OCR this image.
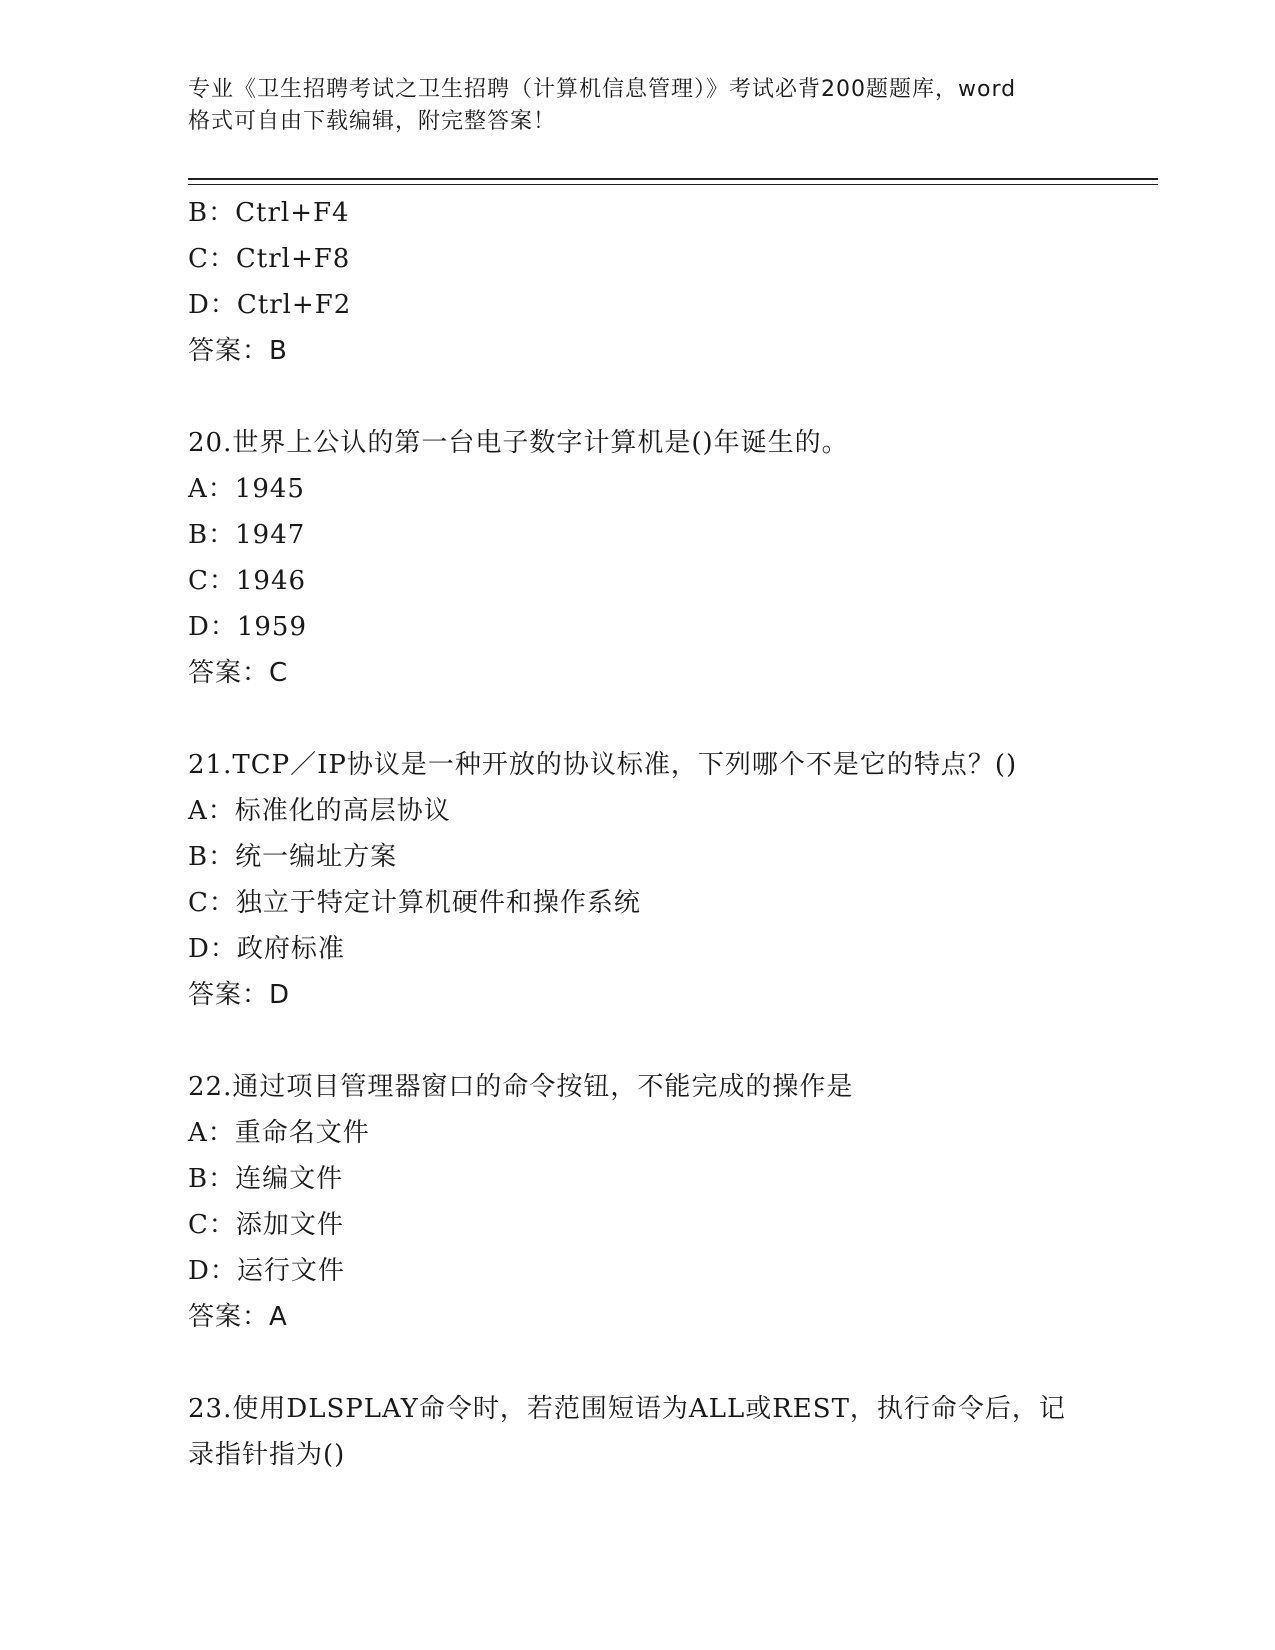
专业《卫生招聘考试之卫生招聘（计算机信息管理）》考试必背200题题库，word
格式可自由下载编辑，附完整答案！
B：Ctrl+F4
C：Ctrl+F8
D：Ctrl+F2
答案：B
20.世界上公认的第一台电子数字计算机是()年诞生的。
A：1945
B：1947
C：1946
D：1959
答案：C
21.TCP／IP协议是一种开放的协议标准，下列哪个不是它的特点？()
A：标准化的高层协议
B：统一编址方案
C：独立于特定计算机硬件和操作系统
D：政府标准
答案：D
22.通过项目管理器窗口的命令按钮，不能完成的操作是
A：重命名文件
B：连编文件
C：添加文件
D：运行文件
答案：A
23.使用DLSPLAY命令时，若范围短语为ALL或REST，执行命令后，记
录指针指为()
